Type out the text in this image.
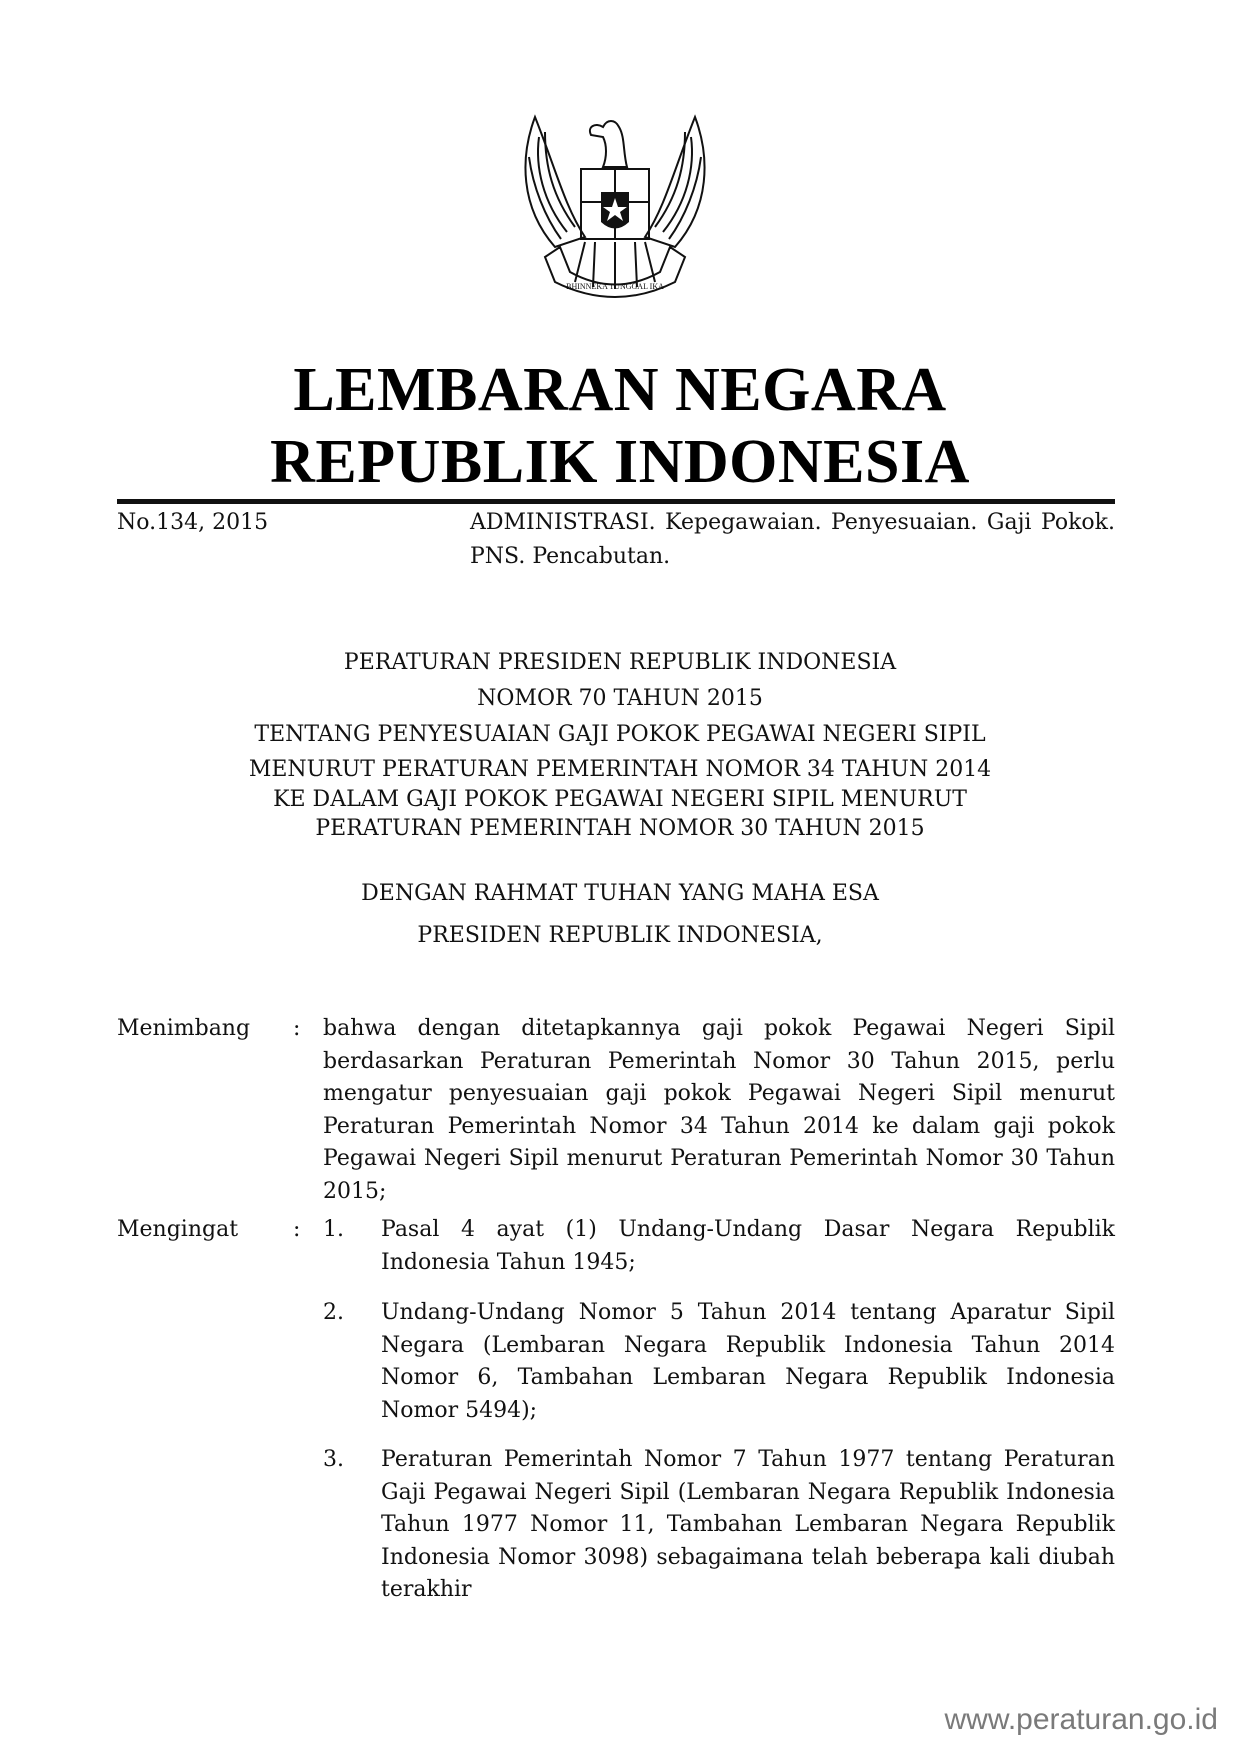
BHINNEKA TUNGGAL IKA
LEMBARAN NEGARA
REPUBLIK INDONESIA
No.134, 2015	ADMINISTRASI. Kepegawaian. Penyesuaian. Gaji Pokok. PNS. Pencabutan.
PERATURAN PRESIDEN REPUBLIK INDONESIA
NOMOR 70 TAHUN 2015
TENTANG PENYESUAIAN GAJI POKOK PEGAWAI NEGERI SIPIL
MENURUT PERATURAN PEMERINTAH NOMOR 34 TAHUN 2014
KE DALAM GAJI POKOK PEGAWAI NEGERI SIPIL MENURUT
PERATURAN PEMERINTAH NOMOR 30 TAHUN 2015
DENGAN RAHMAT TUHAN YANG MAHA ESA
PRESIDEN REPUBLIK INDONESIA,
Menimbang : bahwa dengan ditetapkannya gaji pokok Pegawai Negeri Sipil berdasarkan Peraturan Pemerintah Nomor 30 Tahun 2015, perlu mengatur penyesuaian gaji pokok Pegawai Negeri Sipil menurut Peraturan Pemerintah Nomor 34 Tahun 2014 ke dalam gaji pokok Pegawai Negeri Sipil menurut Peraturan Pemerintah Nomor 30 Tahun 2015;
Mengingat : 1. Pasal 4 ayat (1) Undang-Undang Dasar Negara Republik Indonesia Tahun 1945;
2. Undang-Undang Nomor 5 Tahun 2014 tentang Aparatur Sipil Negara (Lembaran Negara Republik Indonesia Tahun 2014 Nomor 6, Tambahan Lembaran Negara Republik Indonesia Nomor 5494);
3. Peraturan Pemerintah Nomor 7 Tahun 1977 tentang Peraturan Gaji Pegawai Negeri Sipil (Lembaran Negara Republik Indonesia Tahun 1977 Nomor 11, Tambahan Lembaran Negara Republik Indonesia Nomor 3098) sebagaimana telah beberapa kali diubah terakhir
www.peraturan.go.id
